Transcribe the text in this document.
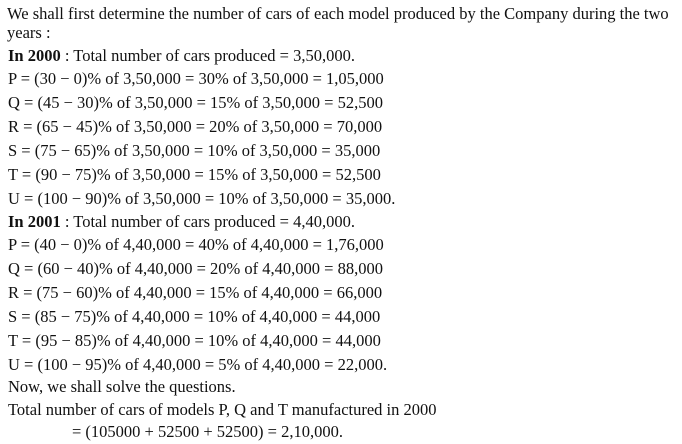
We shall first determine the number of cars of each model produced by the Company during the two years :

In 2000 : Total number of cars produced = 3,50,000.
P = (30 − 0)% of 3,50,000 = 30% of 3,50,000 = 1,05,000
Q = (45 − 30)% of 3,50,000 = 15% of 3,50,000 = 52,500
R = (65 − 45)% of 3,50,000 = 20% of 3,50,000 = 70,000
S = (75 − 65)% of 3,50,000 = 10% of 3,50,000 = 35,000
T = (90 − 75)% of 3,50,000 = 15% of 3,50,000 = 52,500
U = (100 − 90)% of 3,50,000 = 10% of 3,50,000 = 35,000.
In 2001 : Total number of cars produced = 4,40,000.
P = (40 − 0)% of 4,40,000 = 40% of 4,40,000 = 1,76,000
Q = (60 − 40)% of 4,40,000 = 20% of 4,40,000 = 88,000
R = (75 − 60)% of 4,40,000 = 15% of 4,40,000 = 66,000
S = (85 − 75)% of 4,40,000 = 10% of 4,40,000 = 44,000
T = (95 − 85)% of 4,40,000 = 10% of 4,40,000 = 44,000
U = (100 − 95)% of 4,40,000 = 5% of 4,40,000 = 22,000.
Now, we shall solve the questions.
Total number of cars of models P, Q and T manufactured in 2000
= (105000 + 52500 + 52500) = 2,10,000.
